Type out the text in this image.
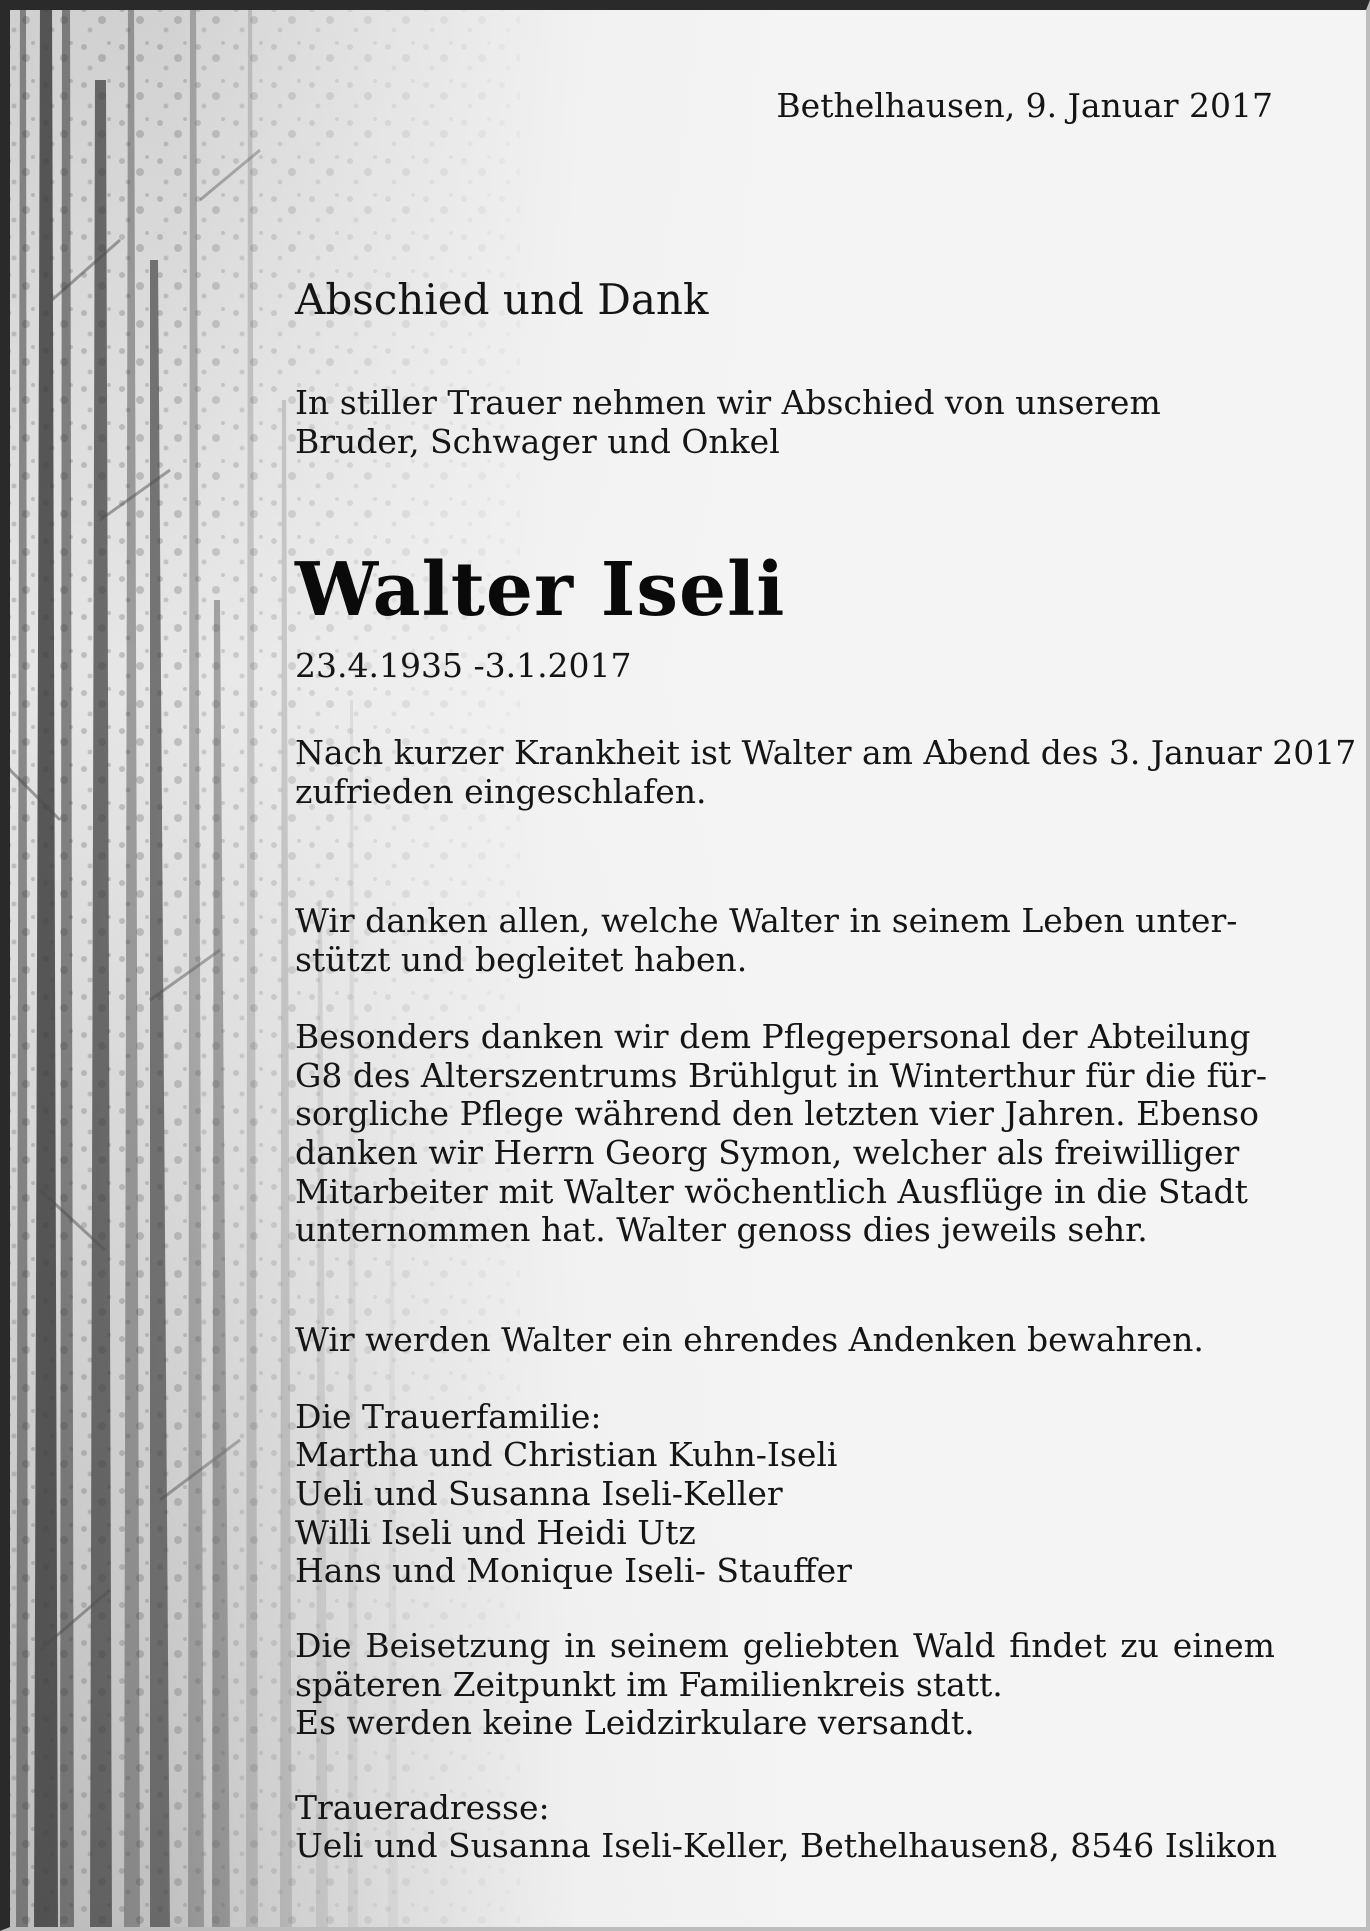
Bethelhausen, 9. Januar 2017

Abschied und Dank

In stiller Trauer nehmen wir Abschied von unserem

Bruder, Schwager und Onkel

Walter Iseli

23.4.1935 -3.1.2017

Nach kurzer Krankheit ist Walter am Abend des 3. Januar 2017

zufrieden eingeschlafen.

Wir danken allen, welche Walter in seinem Leben unter-

stützt und begleitet haben.

Besonders danken wir dem Pflegepersonal der Abteilung

G8 des Alterszentrums Brühlgut in Winterthur für die für-

sorgliche Pflege während den letzten vier Jahren. Ebenso

danken wir Herrn Georg Symon, welcher als freiwilliger

Mitarbeiter mit Walter wöchentlich Ausflüge in die Stadt

unternommen hat. Walter genoss dies jeweils sehr.

Wir werden Walter ein ehrendes Andenken bewahren.

Die Trauerfamilie:

Martha und Christian Kuhn-Iseli

Ueli und Susanna Iseli-Keller

Willi Iseli und Heidi Utz

Hans und Monique Iseli- Stauffer

Die Beisetzung in seinem geliebten Wald findet zu einem

späteren Zeitpunkt im Familienkreis statt.

Es werden keine Leidzirkulare versandt.

Traueradresse:

Ueli und Susanna Iseli-Keller, Bethelhausen8, 8546 Islikon
